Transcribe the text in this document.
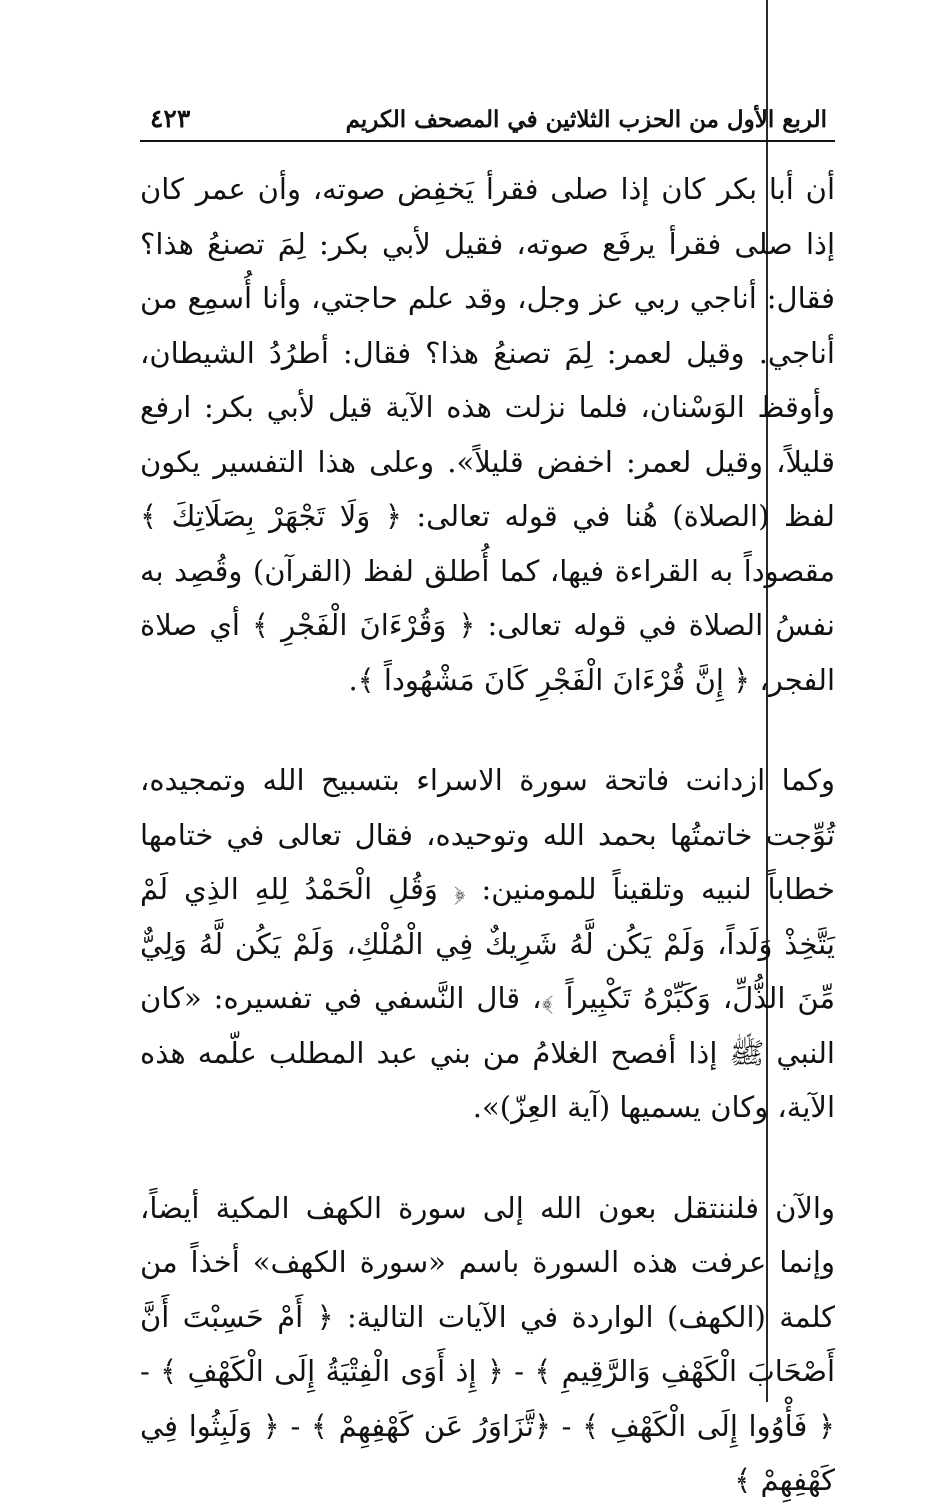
الربع الأول من الحزب الثلاثين في المصحف الكريم
٤٢٣

أن أبا بكر كان إذا صلى فقرأ يَخفِض صوته، وأن عمر كان إذا صلى فقرأ يرفَع صوته، فقيل لأبي بكر: لِمَ تصنعُ هذا؟ فقال: أناجي ربي عز وجل، وقد علم حاجتي، وأنا أُسمِع من أناجي. وقيل لعمر: لِمَ تصنعُ هذا؟ فقال: أطرُدُ الشيطان، وأوقظ الوَسْنان، فلما نزلت هذه الآية قيل لأبي بكر: ارفع قليلاً، وقيل لعمر: اخفض قليلاً». وعلى هذا التفسير يكون لفظ (الصلاة) هُنا في قوله تعالى: ﴿ وَلَا تَجْهَرْ بِصَلَاتِكَ ﴾ مقصوداً به القراءة فيها، كما أُطلق لفظ (القرآن) وقُصِد به نفسُ الصلاة في قوله تعالى: ﴿ وَقُرْءَانَ الْفَجْرِ ﴾ أي صلاة الفجر، ﴿ إِنَّ قُرْءَانَ الْفَجْرِ كَانَ مَشْهُوداً ﴾.

وكما ازدانت فاتحة سورة الاسراء بتسبيح الله وتمجيده، تُوِّجت خاتمتُها بحمد الله وتوحيده، فقال تعالى في ختامها خطاباً لنبيه وتلقيناً للمومنين: ﴿ وَقُلِ الْحَمْدُ لِلهِ الذِي لَمْ يَتَّخِذْ وَلَداً، وَلَمْ يَكُن لَّهُ شَرِيكٌ فِي الْمُلْكِ، وَلَمْ يَكُن لَّهُ وَلِيٌّ مِّنَ الذُّلِّ، وَكَبِّرْهُ تَكْبِيراً ﴾، قال النَّسفي في تفسيره: «كان النبي ﷺ إذا أفصح الغلامُ من بني عبد المطلب علّمه هذه الآية، وكان يسميها (آية العِزّ)».

والآن فلننتقل بعون الله إلى سورة الكهف المكية أيضاً، وإنما عرفت هذه السورة باسم «سورة الكهف» أخذاً من كلمة (الكهف) الواردة في الآيات التالية: ﴿ أَمْ حَسِبْتَ أَنَّ أَصْحَابَ الْكَهْفِ وَالرَّقِيمِ ﴾ - ﴿ إِذ أَوَى الْفِتْيَةُ إِلَى الْكَهْفِ ﴾ - ﴿ فَأْوُوا إِلَى الْكَهْفِ ﴾ - ﴿تَّزَاوَرُ عَن كَهْفِهِمْ ﴾ - ﴿ وَلَبِثُوا فِي كَهْفِهِمْ ﴾
